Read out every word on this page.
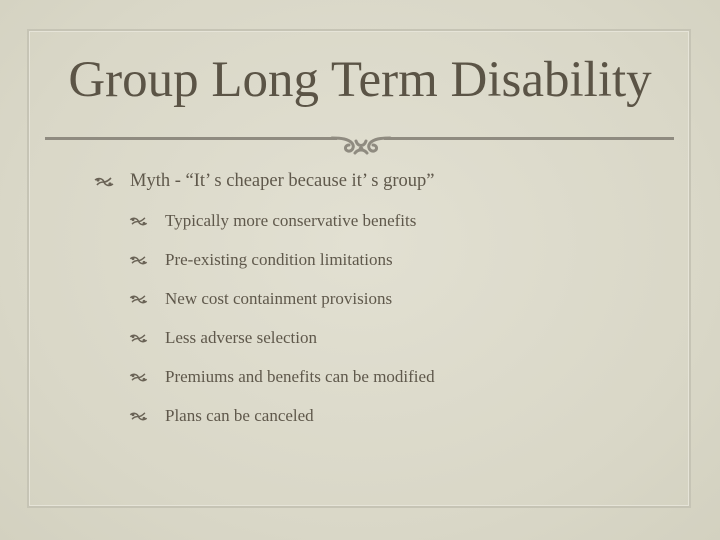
Group Long Term Disability
Myth - “It’ s cheaper because it’ s group”
Typically more conservative benefits
Pre-existing condition limitations
New cost containment provisions
Less adverse selection
Premiums and benefits can be modified
Plans can be canceled
